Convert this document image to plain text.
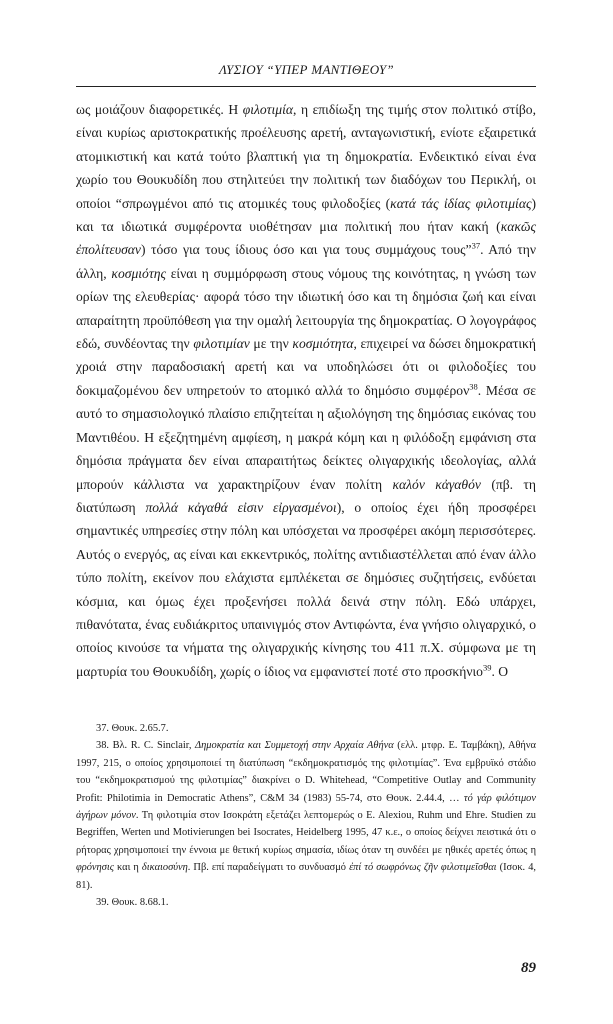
ΛΥΣΙΟΥ “ΥΠΕΡ ΜΑΝΤΙΘΕΟΥ”

ως μοιάζουν διαφορετικές. Η φιλοτιμία, η επιδίωξη της τιμής στον πολιτικό στίβο, είναι κυρίως αριστοκρατικής προέλευσης αρετή, ανταγωνιστική, ενίοτε εξαιρετικά ατομικιστική και κατά τούτο βλαπτική για τη δημοκρατία. Ενδεικτικό είναι ένα χωρίο του Θουκυδίδη που στηλιτεύει την πολιτική των διαδόχων του Περικλή, οι οποίοι “σπρωγμένοι από τις ατομικές τους φιλοδοξίες (κατά τάς ἰδίας φιλοτιμίας) και τα ιδιωτικά συμφέροντα υιοθέτησαν μια πολιτική που ήταν κακή (κακῶς ἐπολίτευσαν) τόσο για τους ίδιους όσο και για τους συμμάχους τους”$^{37}$. Από την άλλη, κοσμιότης είναι η συμμόρφωση στους νόμους της κοινότητας, η γνώση των ορίων της ελευθερίας· αφορά τόσο την ιδιωτική όσο και τη δημόσια ζωή και είναι απαραίτητη προϋπόθεση για την ομαλή λειτουργία της δημοκρατίας. Ο λογογράφος εδώ, συνδέοντας την φιλοτιμίαν με την κοσμιότητα, επιχειρεί να δώσει δημοκρατική χροιά στην παραδοσιακή αρετή και να υποδηλώσει ότι οι φιλοδοξίες του δοκιμαζομένου δεν υπηρετούν το ατομικό αλλά το δημόσιο συμφέρον$^{38}$. Μέσα σε αυτό το σημασιολογικό πλαίσιο επιζητείται η αξιολόγηση της δημόσιας εικόνας του Μαντιθέου. Η εξεζητημένη αμφίεση, η μακρά κόμη και η φιλόδοξη εμφάνιση στα δημόσια πράγματα δεν είναι απαραιτήτως δείκτες ολιγαρχικής ιδεολογίας, αλλά μπορούν κάλλιστα να χαρακτηρίζουν έναν πολίτη καλόν κἀγαθόν (πβ. τη διατύπωση πολλά κἀγαθά εἰσιν εἰργασμένοι), ο οποίος έχει ήδη προσφέρει σημαντικές υπηρεσίες στην πόλη και υπόσχεται να προσφέρει ακόμη περισσότερες. Αυτός ο ενεργός, ας είναι και εκκεντρικός, πολίτης αντιδιαστέλλεται από έναν άλλο τύπο πολίτη, εκείνον που ελάχιστα εμπλέκεται σε δημόσιες συζητήσεις, ενδύεται κόσμια, και όμως έχει προξενήσει πολλά δεινά στην πόλη. Εδώ υπάρχει, πιθανότατα, ένας ευδιάκριτος υπαινιγμός στον Αντιφώντα, ένα γνήσιο ολιγαρχικό, ο οποίος κινούσε τα νήματα της ολιγαρχικής κίνησης του 411 π.Χ. σύμφωνα με τη μαρτυρία του Θουκυδίδη, χωρίς ο ίδιος να εμφανιστεί ποτέ στο προσκήνιο$^{39}$. Ο

37. Θουκ. 2.65.7.

38. Βλ. R. C. Sinclair, Δημοκρατία και Συμμετοχή στην Αρχαία Αθήνα (ελλ. μτφρ. Ε. Ταμβάκη), Αθήνα 1997, 215, ο οποίος χρησιμοποιεί τη διατύπωση “εκδημοκρατισμός της φιλοτιμίας”. Ένα εμβρυϊκό στάδιο του “εκδημοκρατισμού της φιλοτιμίας” διακρίνει ο D. Whitehead, “Competitive Outlay and Community Profit: Philotimia in Democratic Athens”, C&M 34 (1983) 55-74, στο Θουκ. 2.44.4, … τό γάρ φιλότιμον ἀγήρων μόνον. Τη φιλοτιμία στον Ισοκράτη εξετάζει λεπτομερώς ο E. Alexiou, Ruhm und Ehre. Studien zu Begriffen, Werten und Motivierungen bei Isocrates, Heidelberg 1995, 47 κ.ε., ο οποίος δείχνει πειστικά ότι ο ρήτορας χρησιμοποιεί την έννοια με θετική κυρίως σημασία, ιδίως όταν τη συνδέει με ηθικές αρετές όπως η φρόνησις και η δικαιοσύνη. Πβ. επί παραδείγματι το συνδυασμό ἐπί τό σωφρόνως ζῆν φιλοτιμεῖσθαι (Ισοκ. 4, 81).

39. Θουκ. 8.68.1.

89
